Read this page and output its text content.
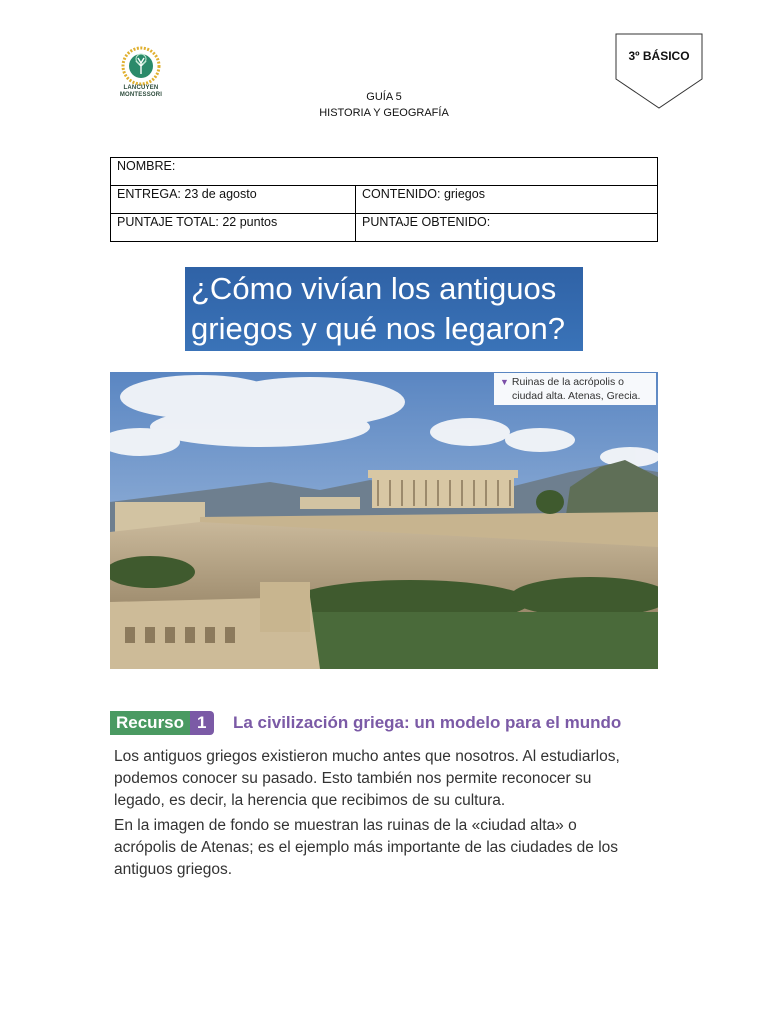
LANCUYEN
MONTESSORI
3º BÁSICO
GUÍA 5
HISTORIA Y GEOGRAFÍA
NOMBRE:	
ENTREGA: 23 de agosto	CONTENIDO: griegos
PUNTAJE TOTAL: 22 puntos	PUNTAJE OBTENIDO:
¿Cómo vivían los antiguos
griegos y qué nos legaron?
▼ Ruinas de la acrópolis o
ciudad alta. Atenas, Grecia.
Recurso 1	La civilización griega: un modelo para el mundo
Los antiguos griegos existieron mucho antes que nosotros. Al estudiarlos, podemos conocer su pasado. Esto también nos permite reconocer su legado, es decir, la herencia que recibimos de su cultura.
En la imagen de fondo se muestran las ruinas de la «ciudad alta» o acrópolis de Atenas; es el ejemplo más importante de las ciudades de los antiguos griegos.
